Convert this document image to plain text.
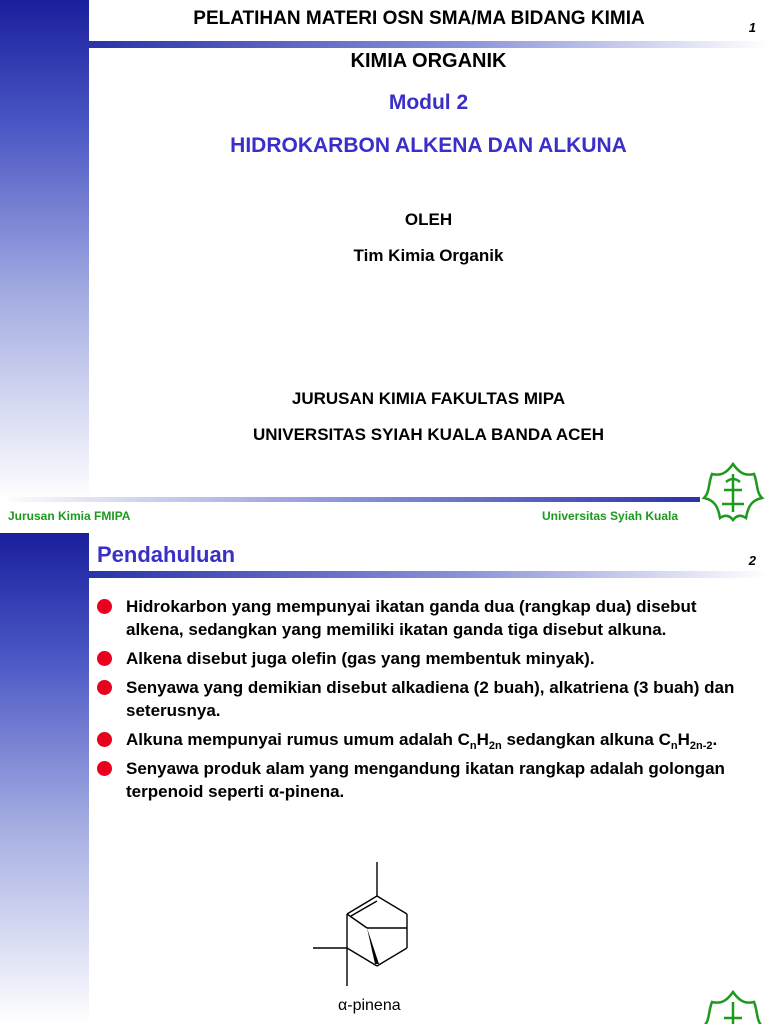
PELATIHAN MATERI OSN SMA/MA BIDANG KIMIA	1
KIMIA ORGANIK
Modul 2
HIDROKARBON ALKENA DAN ALKUNA
OLEH
Tim Kimia Organik
JURUSAN KIMIA FAKULTAS MIPA
UNIVERSITAS SYIAH KUALA BANDA ACEH
Jurusan Kimia FMIPA	Universitas Syiah Kuala
Pendahuluan	2
Hidrokarbon yang mempunyai ikatan ganda dua (rangkap dua) disebut alkena, sedangkan yang memiliki ikatan ganda tiga disebut alkuna.
Alkena disebut juga olefin (gas yang membentuk minyak).
Senyawa yang demikian disebut alkadiena (2 buah), alkatriena (3 buah) dan seterusnya.
Alkuna mempunyai rumus umum adalah $C_nH_{2n}$ sedangkan alkuna $C_nH_{2n-2}$.
Senyawa produk alam yang mengandung ikatan rangkap adalah golongan terpenoid seperti α-pinena.
α-pinena
